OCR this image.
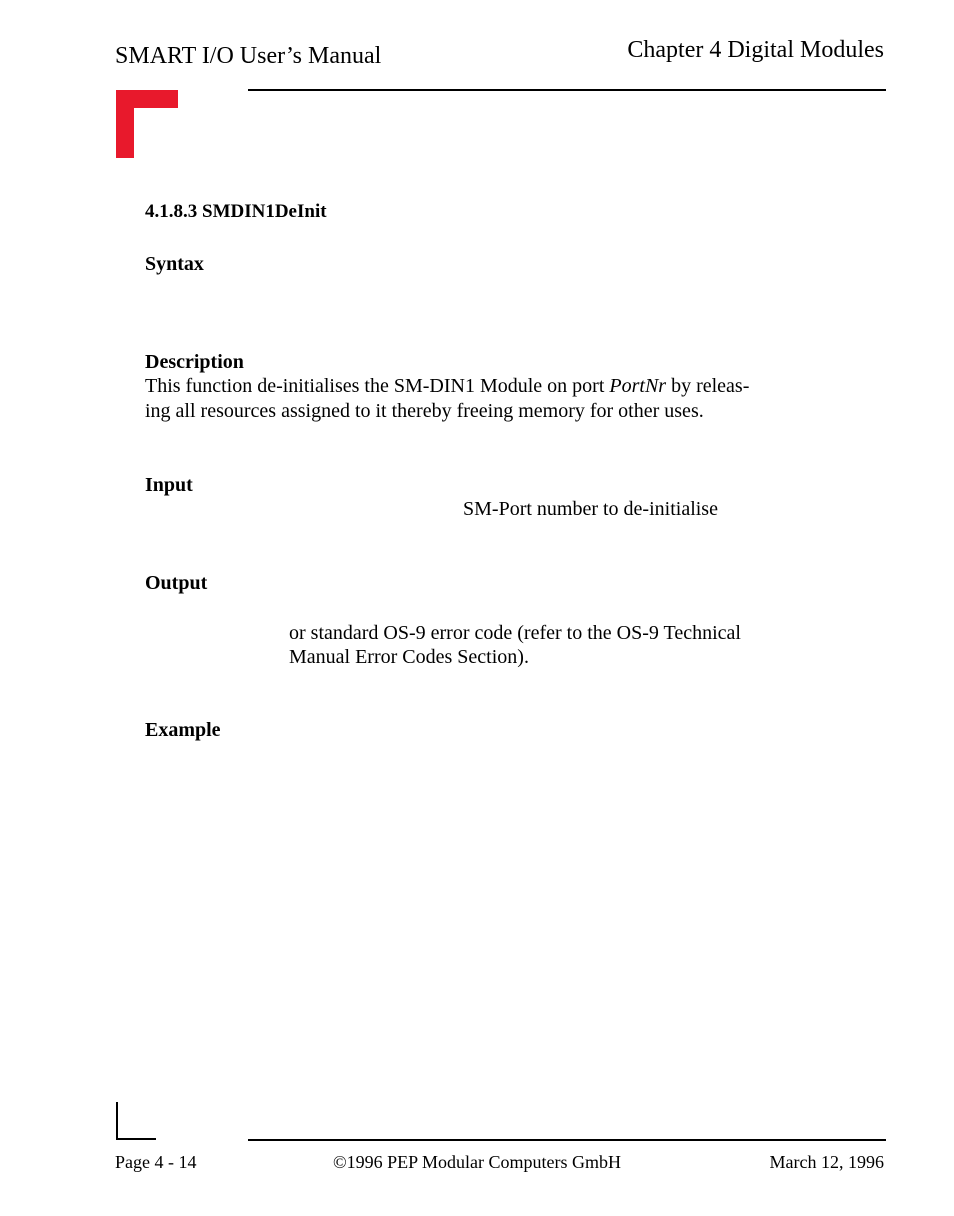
SMART I/O User’s Manual	Chapter 4 Digital Modules
4.1.8.3 SMDIN1DeInit
Syntax
Description
This function de-initialises the SM-DIN1 Module on port PortNr by releas-
ing all resources assigned to it thereby freeing memory for other uses.
Input
SM-Port number to de-initialise
Output
or standard OS-9 error code (refer to the OS-9 Technical
Manual Error Codes Section).
Example
Page 4 - 14	©1996 PEP Modular Computers GmbH	March 12, 1996
